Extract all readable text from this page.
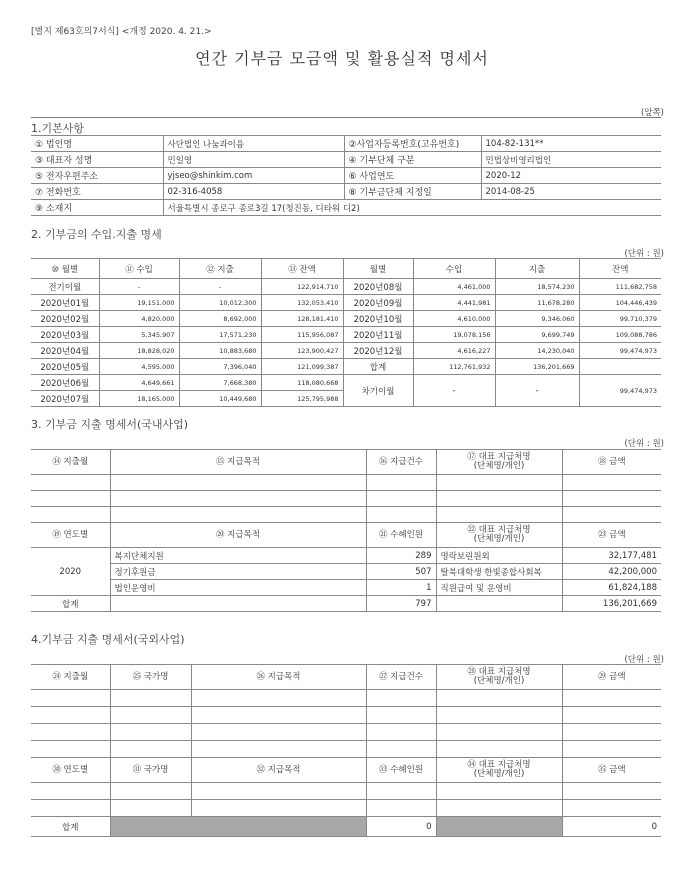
[별지 제63호의7서식] <개정 2020. 4. 21.>
연간 기부금 모금액 및 활용실적 명세서
(앞쪽)
1.기본사항
① 법인명	사단법인 나눔과이음	②사업자등록번호(고유번호)	104-82-131**
③ 대표자 성명	민일영	④ 기부단체 구분	민법상비영리법인
⑤ 전자우편주소	yjseo@shinkim.com	⑥ 사업연도	2020-12
⑦ 전화번호	02-316-4058	⑧ 기부금단체 지정일	2014-08-25
⑨ 소재지	서울특별시 종로구 종로3길 17(청진동, 디타워 디2)		
2. 기부금의 수입.지출 명세
(단위 : 원)
⑩ 월별	⑪ 수입	⑫ 지출	⑬ 잔액	월별	수입	지출	잔액
전기이월	-	-	122,914,710	2020년08월	4,461,000	18,574,230	111,682,758
2020년01월	19,151,000	10,012,300	132,053,410	2020년09월	4,441,981	11,678,280	104,446,439
2020년02월	4,820,000	8,692,000	128,181,410	2020년10월	4,610,000	9,346,060	99,710,379
2020년03월	5,345,907	17,571,230	115,956,087	2020년11월	19,078,156	9,699,749	109,088,786
2020년04월	18,828,020	10,883,680	123,900,427	2020년12월	4,616,227	14,230,040	99,474,973
2020년05월	4,595,000	7,396,040	121,099,387	합계	112,761,932	136,201,669	
2020년06월	4,649,661	7,668,380	118,080,668	차기이월	-	-	99,474,973
2020년07월	18,165,000	10,449,680	125,795,988				
3. 기부금 지출 명세서(국내사업)
(단위 : 원)
⑭ 지출월	⑮ 지급목적	⑯ 지급건수	⑰ 대표 지급처명
(단체명/개인)	⑱ 금액

⑲ 연도별	⑳ 지급목적	㉑ 수혜인원	㉒ 대표 지급처명
(단체명/개인)	㉓ 금액
2020	복지단체지원	289	명락보린원외	32,177,481
	정기후원금	507	탈북대학생 한빛종합사회복	42,200,000
	법인운영비	1	직원급여 및 운영비	61,824,188
합계		797		136,201,669
4.기부금 지출 명세서(국외사업)
(단위 : 원)
㉔ 지출월	㉕ 국가명	㉖ 지급목적	㉗ 지급건수	㉘ 대표 지급처명
(단체명/개인)	㉙ 금액

㉚ 연도별	㉛ 국가명	㉜ 지급목적	㉝ 수혜인원	㉞ 대표 지급처명
(단체명/개인)	㉟ 금액

합계			0		0
